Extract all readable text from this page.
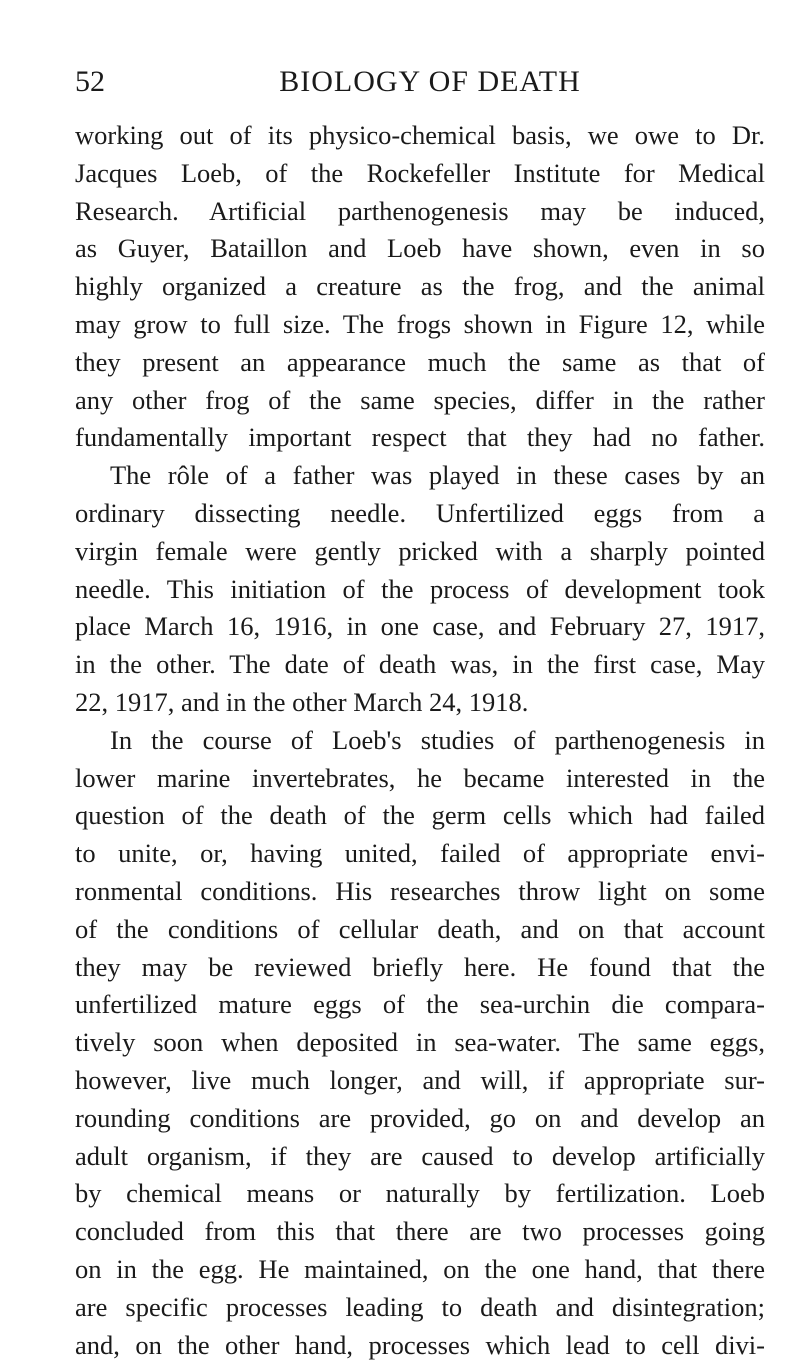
52	BIOLOGY OF DEATH
working out of its physico-chemical basis, we owe to Dr.
Jacques Loeb, of the Rockefeller Institute for Medical
Research. Artificial parthenogenesis may be induced,
as Guyer, Bataillon and Loeb have shown, even in so
highly organized a creature as the frog, and the animal
may grow to full size. The frogs shown in Figure 12, while
they present an appearance much the same as that of
any other frog of the same species, differ in the rather
fundamentally important respect that they had no father.
The rôle of a father was played in these cases by an
ordinary dissecting needle. Unfertilized eggs from a
virgin female were gently pricked with a sharply pointed
needle. This initiation of the process of development took
place March 16, 1916, in one case, and February 27, 1917,
in the other. The date of death was, in the first case, May
22, 1917, and in the other March 24, 1918.
In the course of Loeb's studies of parthenogenesis in
lower marine invertebrates, he became interested in the
question of the death of the germ cells which had failed
to unite, or, having united, failed of appropriate envi-
ronmental conditions. His researches throw light on some
of the conditions of cellular death, and on that account
they may be reviewed briefly here. He found that the
unfertilized mature eggs of the sea-urchin die compara-
tively soon when deposited in sea-water. The same eggs,
however, live much longer, and will, if appropriate sur-
rounding conditions are provided, go on and develop an
adult organism, if they are caused to develop artificially
by chemical means or naturally by fertilization. Loeb
concluded from this that there are two processes going
on in the egg. He maintained, on the one hand, that there
are specific processes leading to death and disintegration;
and, on the other hand, processes which lead to cell divi-
